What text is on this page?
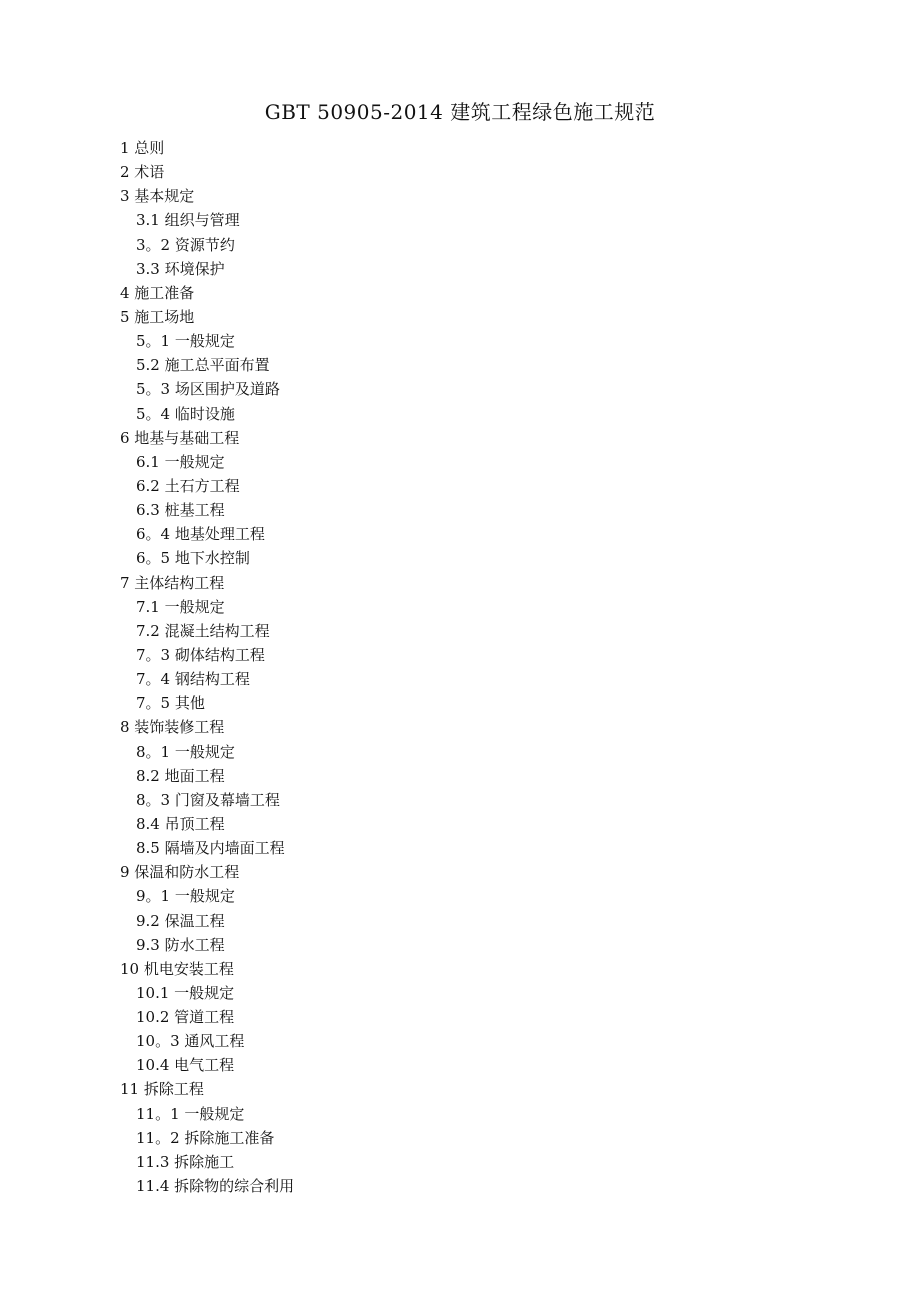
GBT 50905-2014 建筑工程绿色施工规范
1 总则
2 术语
3 基本规定
3.1 组织与管理
3。2 资源节约
3.3 环境保护
4 施工准备
5 施工场地
5。1 一般规定
5.2 施工总平面布置
5。3 场区围护及道路
5。4 临时设施
6 地基与基础工程
6.1 一般规定
6.2 土石方工程
6.3 桩基工程
6。4 地基处理工程
6。5 地下水控制
7 主体结构工程
7.1 一般规定
7.2 混凝土结构工程
7。3 砌体结构工程
7。4 钢结构工程
7。5 其他
8 装饰装修工程
8。1 一般规定
8.2 地面工程
8。3 门窗及幕墙工程
8.4 吊顶工程
8.5 隔墙及内墙面工程
9 保温和防水工程
9。1 一般规定
9.2 保温工程
9.3 防水工程
10 机电安装工程
10.1 一般规定
10.2 管道工程
10。3 通风工程
10.4 电气工程
11 拆除工程
11。1 一般规定
11。2 拆除施工准备
11.3 拆除施工
11.4 拆除物的综合利用
